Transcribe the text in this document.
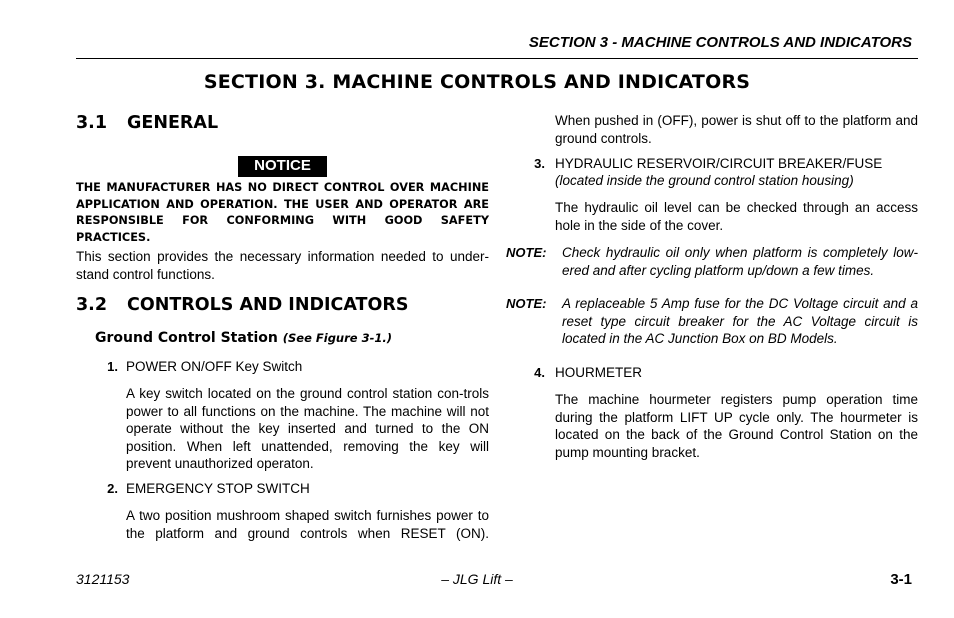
SECTION 3 - MACHINE CONTROLS AND INDICATORS
SECTION 3. MACHINE CONTROLS AND INDICATORS
3.1 GENERAL
NOTICE
THE MANUFACTURER HAS NO DIRECT CONTROL OVER MACHINE APPLICATION AND OPERATION. THE USER AND OPERATOR ARE RESPONSIBLE FOR CONFORMING WITH GOOD SAFETY PRACTICES.
This section provides the necessary information needed to under-stand control functions.
3.2 CONTROLS AND INDICATORS
Ground Control Station (See Figure 3-1.)
1. POWER ON/OFF Key Switch
A key switch located on the ground control station con-trols power to all functions on the machine. The machine will not operate without the key inserted and turned to the ON position. When left unattended, removing the key will prevent unauthorized operaton.
2. EMERGENCY STOP SWITCH
A two position mushroom shaped switch furnishes power to the platform and ground controls when RESET (ON).
When pushed in (OFF), power is shut off to the platform and ground controls.
3. HYDRAULIC RESERVOIR/CIRCUIT BREAKER/FUSE
(located inside the ground control station housing)
The hydraulic oil level can be checked through an access hole in the side of the cover.
NOTE: Check hydraulic oil only when platform is completely low-ered and after cycling platform up/down a few times.
NOTE: A replaceable 5 Amp fuse for the DC Voltage circuit and a reset type circuit breaker for the AC Voltage circuit is located in the AC Junction Box on BD Models.
4. HOURMETER
The machine hourmeter registers pump operation time during the platform LIFT UP cycle only. The hourmeter is located on the back of the Ground Control Station on the pump mounting bracket.
3121153	– JLG Lift –	3-1
